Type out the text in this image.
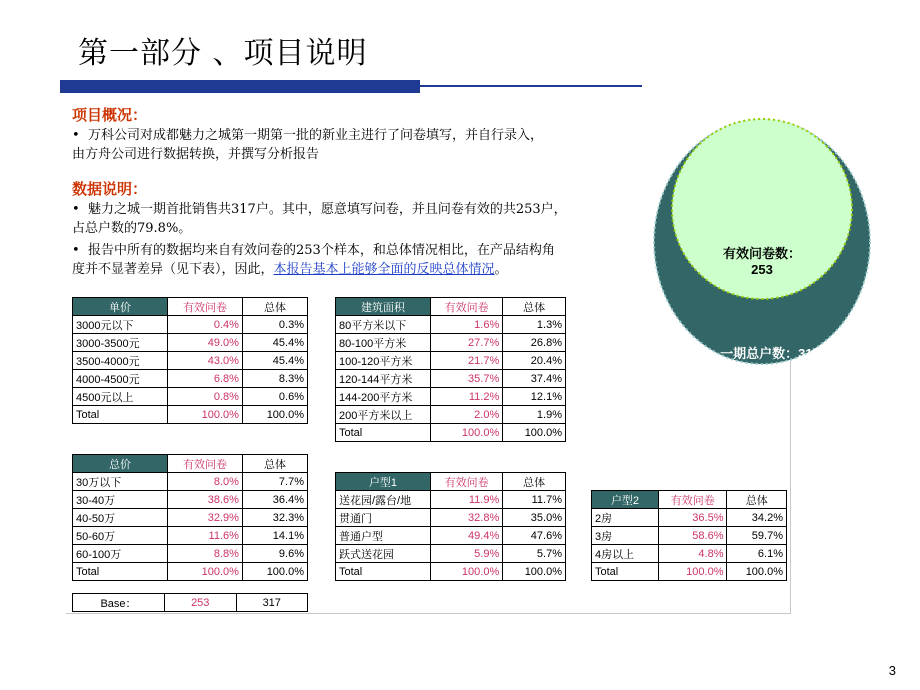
第一部分 、项目说明
项目概况：
• 万科公司对成都魅力之城第一期第一批的新业主进行了问卷填写，并自行录入，
由方舟公司进行数据转换，并撰写分析报告
数据说明：
• 魅力之城一期首批销售共317户。其中，愿意填写问卷，并且问卷有效的共253户，
占总户数的79.8%。
• 报告中所有的数据均来自有效问卷的253个样本，和总体情况相比，在产品结构角
度并不显著差异（见下表），因此，本报告基本上能够全面的反映总体情况。
单价	有效问卷	总体
3000元以下	0.4%	0.3%
3000-3500元	49.0%	45.4%
3500-4000元	43.0%	45.4%
4000-4500元	6.8%	8.3%
4500元以上	0.8%	0.6%
Total	100.0%	100.0%
建筑面积	有效问卷	总体
80平方米以下	1.6%	1.3%
80-100平方米	27.7%	26.8%
100-120平方米	21.7%	20.4%
120-144平方米	35.7%	37.4%
144-200平方米	11.2%	12.1%
200平方米以上	2.0%	1.9%
Total	100.0%	100.0%
总价	有效问卷	总体
30万以下	8.0%	7.7%
30-40万	38.6%	36.4%
40-50万	32.9%	32.3%
50-60万	11.6%	14.1%
60-100万	8.8%	9.6%
Total	100.0%	100.0%
户型1	有效问卷	总体
送花园/露台/地	11.9%	11.7%
贯通门	32.8%	35.0%
普通户型	49.4%	47.6%
跃式送花园	5.9%	5.7%
Total	100.0%	100.0%
户型2	有效问卷	总体
2房	36.5%	34.2%
3房	58.6%	59.7%
4房以上	4.8%	6.1%
Total	100.0%	100.0%
Base：	253	317
有效问卷数：
253
一期总户数：317
3
